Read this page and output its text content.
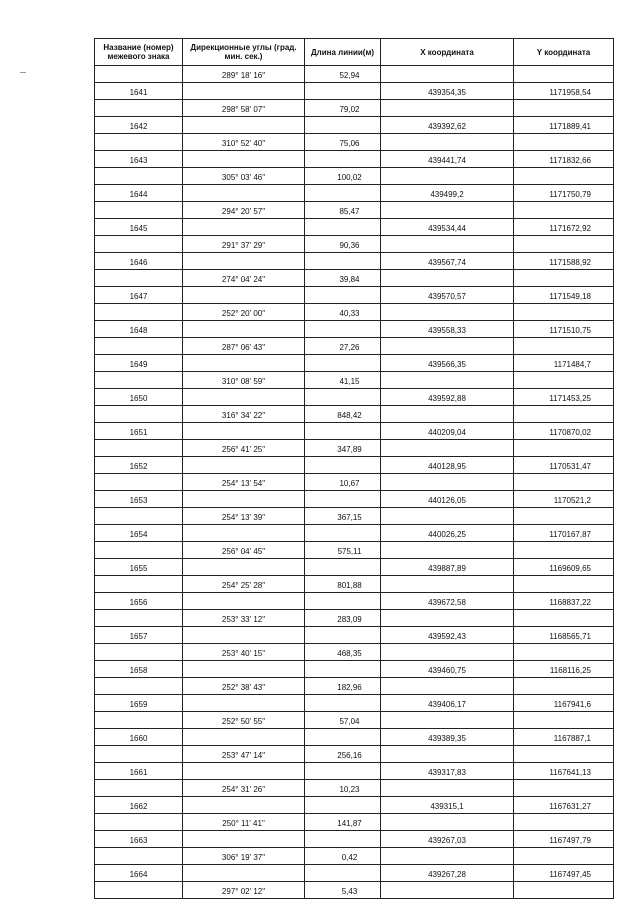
Название (номер) межевого знака	Дирекционные углы (град. мин. сек.)	Длина линии(м)	X координата	Y координата
	289° 18' 16"	52,94		
1641			439354,35	1171958,54
	298° 58' 07"	79,02		
1642			439392,62	1171889,41
	310° 52' 40"	75,06		
1643			439441,74	1171832,66
	305° 03' 46"	100,02		
1644			439499,2	1171750,79
	294° 20' 57"	85,47		
1645			439534,44	1171672,92
	291° 37' 29"	90,36		
1646			439567,74	1171588,92
	274° 04' 24"	39,84		
1647			439570,57	1171549,18
	252° 20' 00"	40,33		
1648			439558,33	1171510,75
	287° 06' 43"	27,26		
1649			439566,35	1171484,7
	310° 08' 59"	41,15		
1650			439592,88	1171453,25
	316° 34' 22"	848,42		
1651			440209,04	1170870,02
	256° 41' 25"	347,89		
1652			440128,95	1170531,47
	254° 13' 54"	10,67		
1653			440126,05	1170521,2
	254° 13' 39"	367,15		
1654			440026,25	1170167,87
	256° 04' 45"	575,11		
1655			439887,89	1169609,65
	254° 25' 28"	801,88		
1656			439672,58	1168837,22
	253° 33' 12"	283,09		
1657			439592,43	1168565,71
	253° 40' 15"	468,35		
1658			439460,75	1168116,25
	252° 38' 43"	182,96		
1659			439406,17	1167941,6
	252° 50' 55"	57,04		
1660			439389,35	1167887,1
	253° 47' 14"	256,16		
1661			439317,83	1167641,13
	254° 31' 26"	10,23		
1662			439315,1	1167631,27
	250° 11' 41"	141,87		
1663			439267,03	1167497,79
	306° 19' 37"	0,42		
1664			439267,28	1167497,45
	297° 02' 12"	5,43		
